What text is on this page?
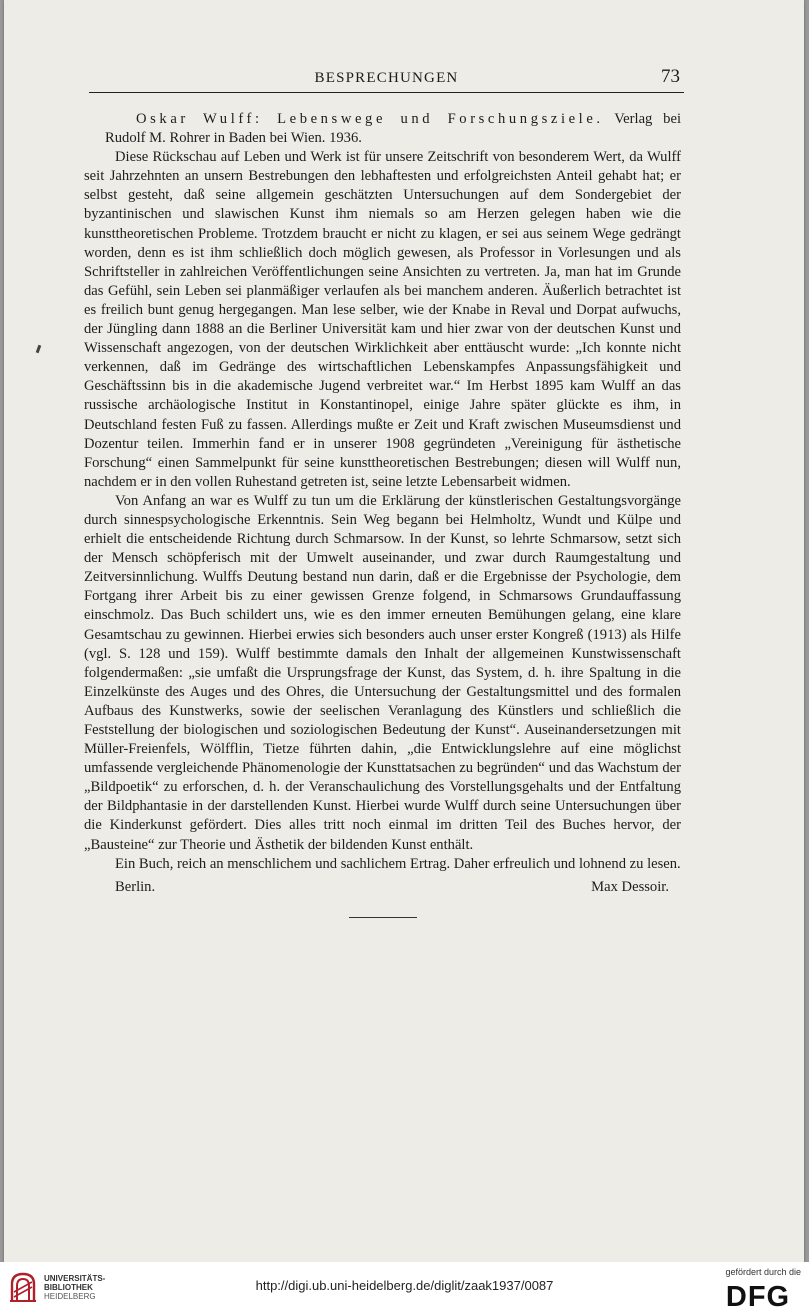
BESPRECHUNGEN	73

Oskar Wulff: Lebenswege und Forschungsziele. Verlag bei Rudolf M. Rohrer in Baden bei Wien. 1936.

Diese Rückschau auf Leben und Werk ist für unsere Zeitschrift von besonderem Wert, da Wulff seit Jahrzehnten an unsern Bestrebungen den lebhaftesten und erfolgreichsten Anteil gehabt hat; er selbst gesteht, daß seine allgemein geschätzten Untersuchungen auf dem Sondergebiet der byzantinischen und slawischen Kunst ihm niemals so am Herzen gelegen haben wie die kunsttheoretischen Probleme. Trotzdem braucht er nicht zu klagen, er sei aus seinem Wege gedrängt worden, denn es ist ihm schließlich doch möglich gewesen, als Professor in Vorlesungen und als Schriftsteller in zahlreichen Veröffentlichungen seine Ansichten zu vertreten. Ja, man hat im Grunde das Gefühl, sein Leben sei planmäßiger verlaufen als bei manchem anderen. Äußerlich betrachtet ist es freilich bunt genug hergegangen. Man lese selber, wie der Knabe in Reval und Dorpat aufwuchs, der Jüngling dann 1888 an die Berliner Universität kam und hier zwar von der deutschen Kunst und Wissenschaft angezogen, von der deutschen Wirklichkeit aber enttäuscht wurde: „Ich konnte nicht verkennen, daß im Gedränge des wirtschaftlichen Lebenskampfes Anpassungsfähigkeit und Geschäftssinn bis in die akademische Jugend verbreitet war.“ Im Herbst 1895 kam Wulff an das russische archäologische Institut in Konstantinopel, einige Jahre später glückte es ihm, in Deutschland festen Fuß zu fassen. Allerdings mußte er Zeit und Kraft zwischen Museumsdienst und Dozentur teilen. Immerhin fand er in unserer 1908 gegründeten „Vereinigung für ästhetische Forschung“ einen Sammelpunkt für seine kunsttheoretischen Bestrebungen; diesen will Wulff nun, nachdem er in den vollen Ruhestand getreten ist, seine letzte Lebensarbeit widmen.

Von Anfang an war es Wulff zu tun um die Erklärung der künstlerischen Gestaltungsvorgänge durch sinnespsychologische Erkenntnis. Sein Weg begann bei Helmholtz, Wundt und Külpe und erhielt die entscheidende Richtung durch Schmarsow. In der Kunst, so lehrte Schmarsow, setzt sich der Mensch schöpferisch mit der Umwelt auseinander, und zwar durch Raumgestaltung und Zeitversinnlichung. Wulffs Deutung bestand nun darin, daß er die Ergebnisse der Psychologie, dem Fortgang ihrer Arbeit bis zu einer gewissen Grenze folgend, in Schmarsows Grundauffassung einschmolz. Das Buch schildert uns, wie es den immer erneuten Bemühungen gelang, eine klare Gesamtschau zu gewinnen. Hierbei erwies sich besonders auch unser erster Kongreß (1913) als Hilfe (vgl. S. 128 und 159). Wulff bestimmte damals den Inhalt der allgemeinen Kunstwissenschaft folgendermaßen: „sie umfaßt die Ursprungsfrage der Kunst, das System, d. h. ihre Spaltung in die Einzelkünste des Auges und des Ohres, die Untersuchung der Gestaltungsmittel und des formalen Aufbaus des Kunstwerks, sowie der seelischen Veranlagung des Künstlers und schließlich die Feststellung der biologischen und soziologischen Bedeutung der Kunst“. Auseinandersetzungen mit Müller-Freienfels, Wölfflin, Tietze führten dahin, „die Entwicklungslehre auf eine möglichst umfassende vergleichende Phänomenologie der Kunsttatsachen zu begründen“ und das Wachstum der „Bildpoetik“ zu erforschen, d. h. der Veranschaulichung des Vorstellungsgehalts und der Entfaltung der Bildphantasie in der darstellenden Kunst. Hierbei wurde Wulff durch seine Untersuchungen über die Kinderkunst gefördert. Dies alles tritt noch einmal im dritten Teil des Buches hervor, der „Bausteine“ zur Theorie und Ästhetik der bildenden Kunst enthält.

Ein Buch, reich an menschlichem und sachlichem Ertrag. Daher erfreulich und lohnend zu lesen.

Berlin.	Max Dessoir.
UNIVERSITÄTS-
BIBLIOTHEK
HEIDELBERG
http://digi.ub.uni-heidelberg.de/diglit/zaak1937/0087
gefördert durch die
DFG
